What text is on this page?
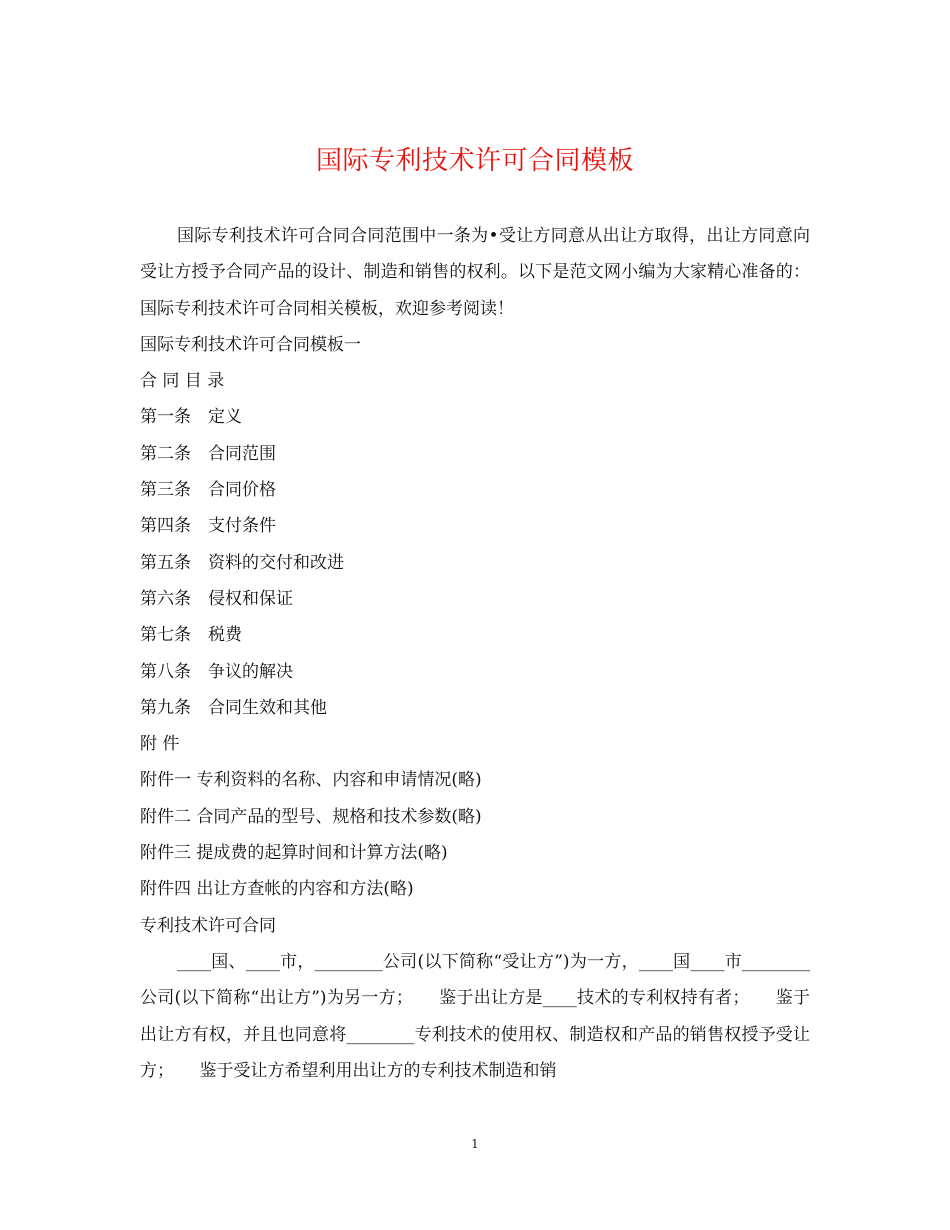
国际专利技术许可合同模板

国际专利技术许可合同合同范围中一条为•受让方同意从出让方取得，出让方同意向受让方授予合同产品的设计、制造和销售的权利。以下是范文网小编为大家精心准备的：国际专利技术许可合同相关模板，欢迎参考阅读！

国际专利技术许可合同模板一

合 同 目 录

第一条　定义

第二条　合同范围

第三条　合同价格

第四条　支付条件

第五条　资料的交付和改进

第六条　侵权和保证

第七条　税费

第八条　争议的解决

第九条　合同生效和其他

附 件

附件一 专利资料的名称、内容和申请情况(略)

附件二 合同产品的型号、规格和技术参数(略)

附件三 提成费的起算时间和计算方法(略)

附件四 出让方查帐的内容和方法(略)

专利技术许可合同

____国、____市，________公司(以下简称“受让方”)为一方，____国____市________公司(以下简称“出让方”)为另一方；　　鉴于出让方是____技术的专利权持有者；　　鉴于出让方有权，并且也同意将________专利技术的使用权、制造权和产品的销售权授予受让方；　　鉴于受让方希望利用出让方的专利技术制造和销

1
